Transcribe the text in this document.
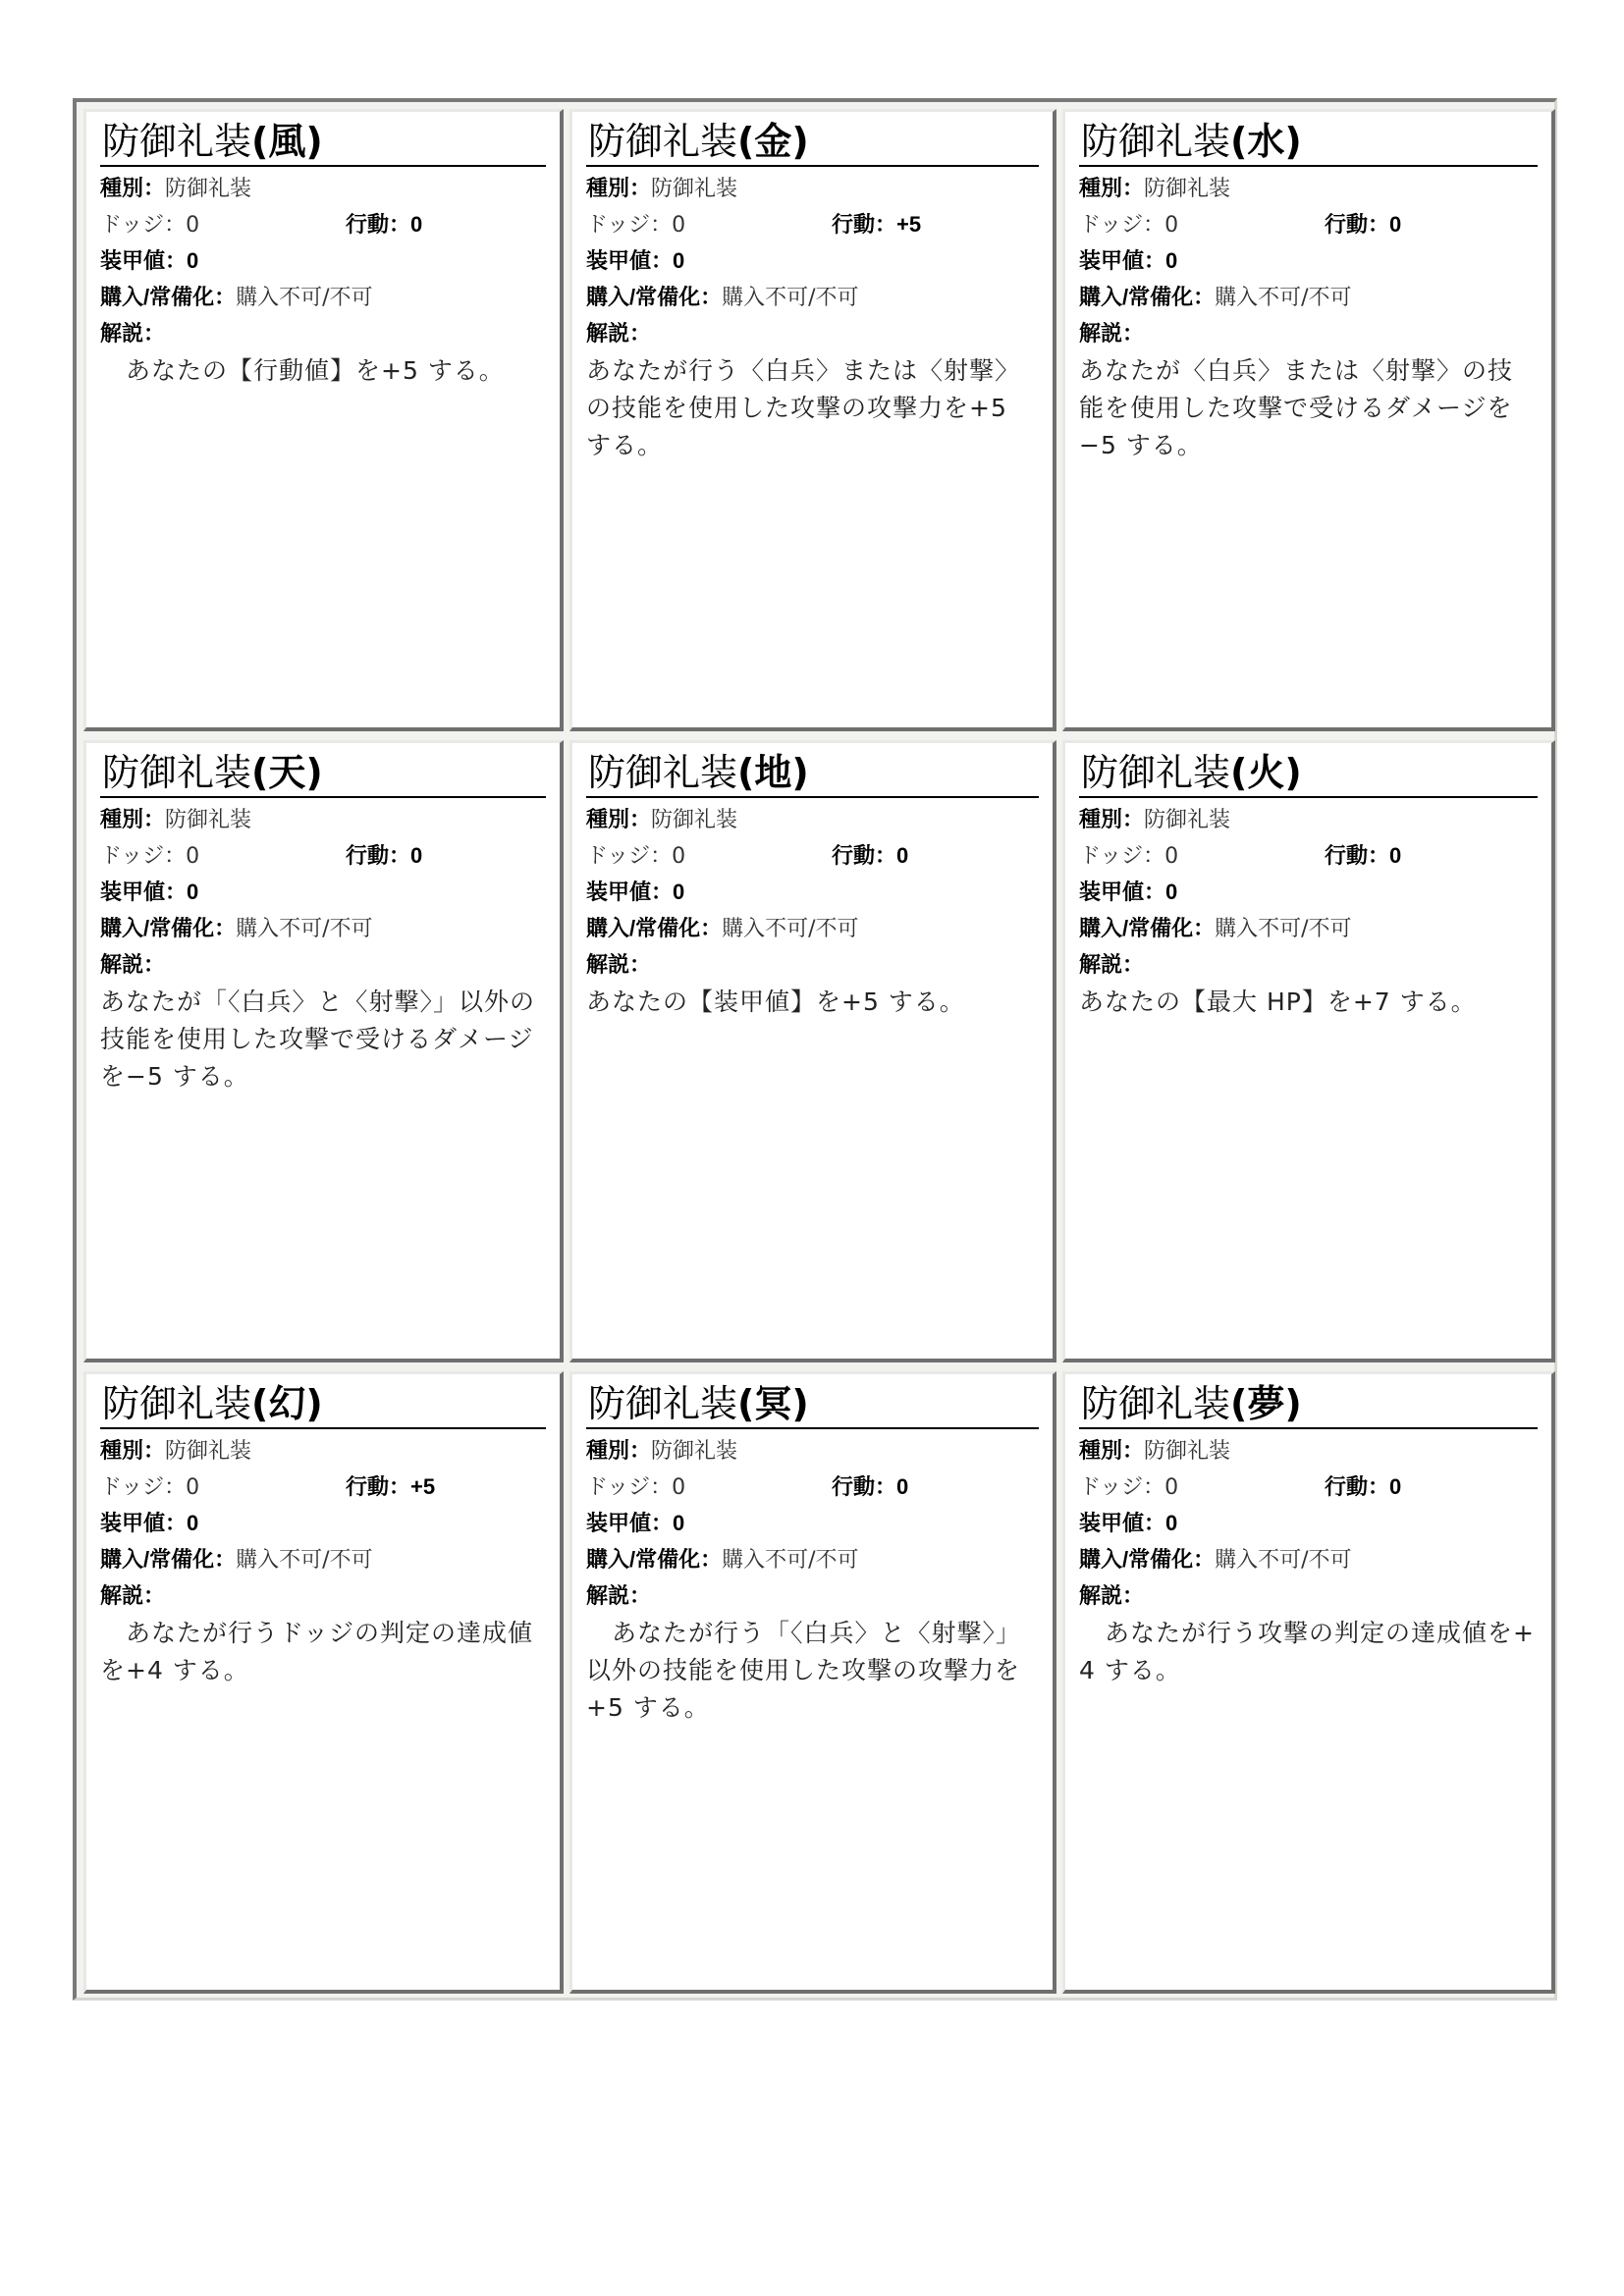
防御礼装(風)
種別：防御礼装
ドッジ：0	行動：0
装甲値：0
購入/常備化：購入不可/不可
解説：
　あなたの【行動値】を+5 する。
防御礼装(金)
種別：防御礼装
ドッジ：0	行動：+5
装甲値：0
購入/常備化：購入不可/不可
解説：
あなたが行う〈白兵〉または〈射撃〉の技能を使用した攻撃の攻撃力を+5 する。
防御礼装(水)
種別：防御礼装
ドッジ：0	行動：0
装甲値：0
購入/常備化：購入不可/不可
解説：
あなたが〈白兵〉または〈射撃〉の技能を使用した攻撃で受けるダメージを−5 する。
防御礼装(天)
種別：防御礼装
ドッジ：0	行動：0
装甲値：0
購入/常備化：購入不可/不可
解説：
あなたが「〈白兵〉と〈射撃〉」以外の技能を使用した攻撃で受けるダメージを−5 する。
防御礼装(地)
種別：防御礼装
ドッジ：0	行動：0
装甲値：0
購入/常備化：購入不可/不可
解説：
あなたの【装甲値】を+5 する。
防御礼装(火)
種別：防御礼装
ドッジ：0	行動：0
装甲値：0
購入/常備化：購入不可/不可
解説：
あなたの【最大 HP】を+7 する。
防御礼装(幻)
種別：防御礼装
ドッジ：0	行動：+5
装甲値：0
購入/常備化：購入不可/不可
解説：
　あなたが行うドッジの判定の達成値を+4 する。
防御礼装(冥)
種別：防御礼装
ドッジ：0	行動：0
装甲値：0
購入/常備化：購入不可/不可
解説：
　あなたが行う「〈白兵〉と〈射撃〉」以外の技能を使用した攻撃の攻撃力を+5 する。
防御礼装(夢)
種別：防御礼装
ドッジ：0	行動：0
装甲値：0
購入/常備化：購入不可/不可
解説：
　あなたが行う攻撃の判定の達成値を+4 する。
